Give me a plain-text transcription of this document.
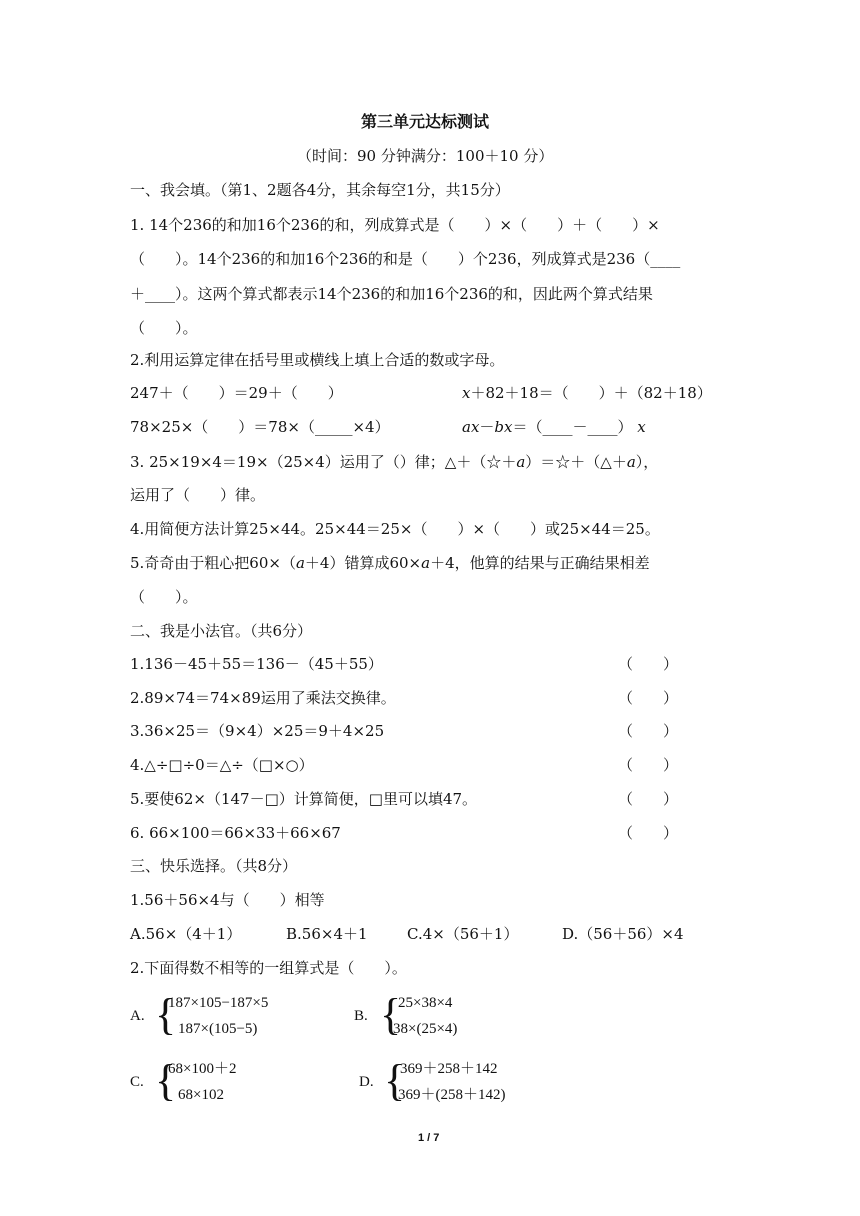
第三单元达标测试
（时间：90 分钟满分：100＋10 分）
一、我会填。（第1、2题各4分，其余每空1分，共15分）
1. 14个236的和加16个236的和，列成算式是（　　）×（　　）＋（　　）×
（　　）。14个236的和加16个236的和是（　　）个236，列成算式是236（____
＋____）。这两个算式都表示14个236的和加16个236的和，因此两个算式结果
（　　）。
2.利用运算定律在括号里或横线上填上合适的数或字母。
247＋（　　）＝29＋（　　）	x＋82＋18＝（　　）＋（82＋18）
78×25×（　　）＝78×（_____×4）	ax－bx＝（____－____） x
3. 25×19×4＝19×（25×4）运用了（）律；△＋（☆＋a）＝☆＋（△＋a），
运用了（　　）律。
4.用简便方法计算25×44。25×44＝25×（　　）×（　　）或25×44＝25。
5.奇奇由于粗心把60×（a＋4）错算成60×a＋4，他算的结果与正确结果相差
（　　）。
二、我是小法官。（共6分）
1.136－45＋55＝136－（45＋55）	（　　）
2.89×74＝74×89运用了乘法交换律。	（　　）
3.36×25＝（9×4）×25＝9＋4×25	（　　）
4.△÷□÷0＝△÷（□×○）	（　　）
5.要使62×（147－□）计算简便，□里可以填47。	（　　）
6. 66×100＝66×33＋66×67	（　　）
三、快乐选择。（共8分）
1.56＋56×4与（　　）相等
A.56×（4＋1）	B.56×4＋1	C.4×（56＋1）	D.（56＋56）×4
2.下面得数不相等的一组算式是（　　）。
A. {
187×105−187×5
187×(105−5)
B. {
25×38×4
38×(25×4)
C. {
68×100＋2
68×102
D. {
369＋258＋142
369＋(258＋142)
1 / 7
